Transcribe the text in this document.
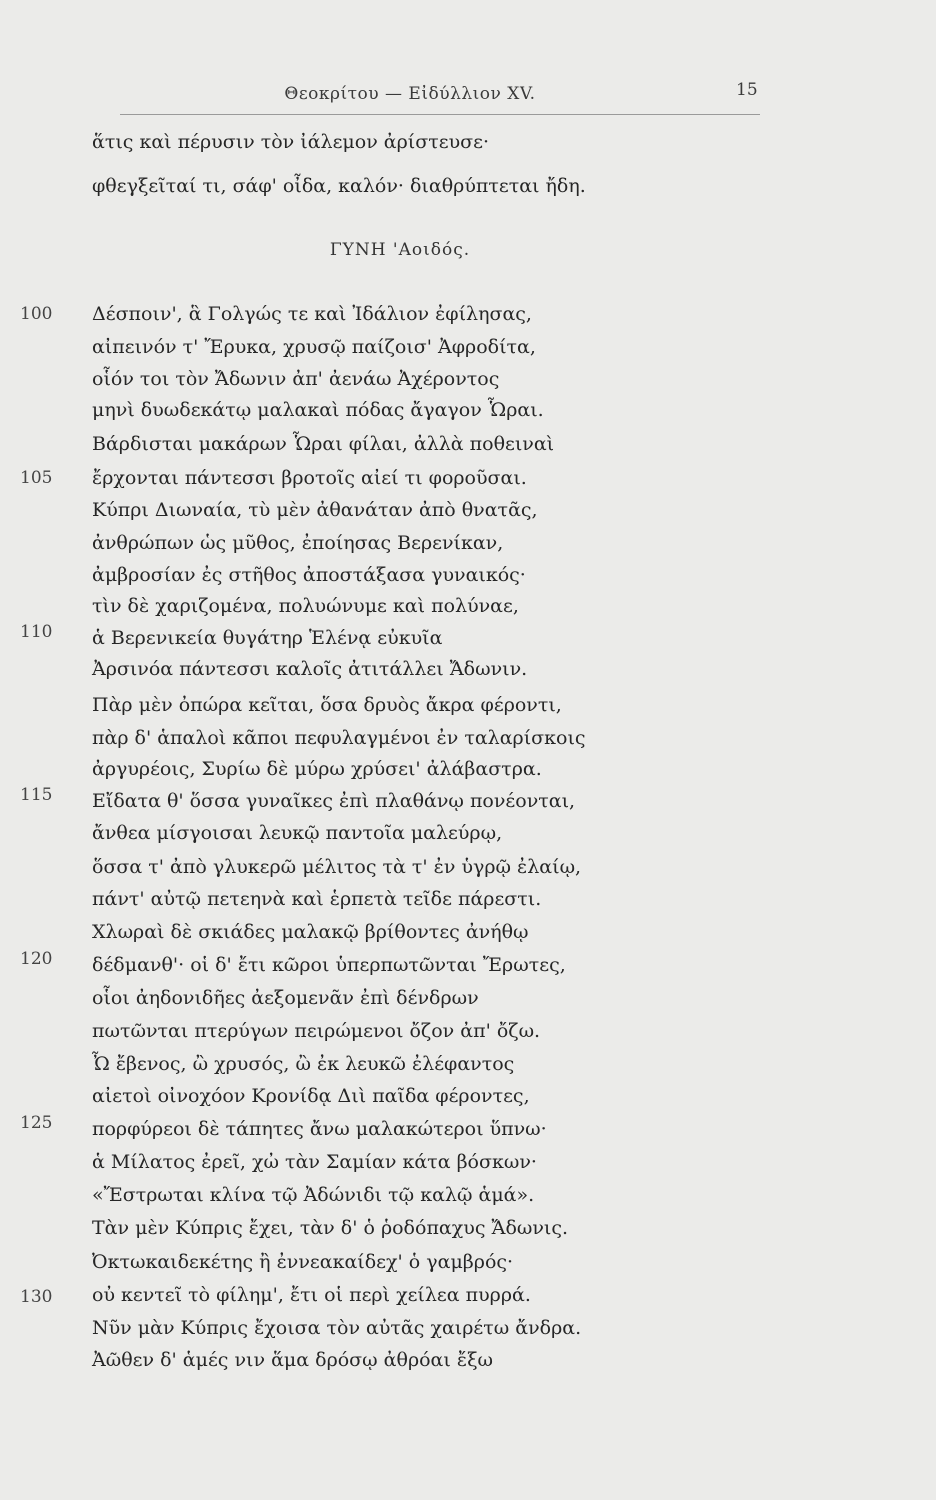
Θεοκρίτου — Εἰδύλλιον XV.	15
ἅτις καὶ πέρυσιν τὸν ἰάλεμον ἀρίστευσε·
φθεγξεῖταί τι, σάφ' οἶδα, καλόν· διαθρύπτεται ἤδη.
ΓΥΝΗ 'Αοιδός.
100
105
110
115
120
125
130
Δέσποιν', ἃ Γολγώς τε καὶ Ἰδάλιον ἐφίλησας,
αἰπεινόν τ' Ἔρυκα, χρυσῷ παίζοισ' Ἀφροδίτα,
οἷόν τοι τὸν Ἄδωνιν ἀπ' ἀενάω Ἀχέροντος
μηνὶ δυωδεκάτῳ μαλακαὶ πόδας ἄγαγον Ὧραι.
Βάρδισται μακάρων Ὧραι φίλαι, ἀλλὰ ποθειναὶ
ἔρχονται πάντεσσι βροτοῖς αἰεί τι φοροῦσαι.
Κύπρι Διωναία, τὺ μὲν ἀθανάταν ἀπὸ θνατᾶς,
ἀνθρώπων ὡς μῦθος, ἐποίησας Βερενίκαν,
ἀμβροσίαν ἐς στῆθος ἀποστάξασα γυναικός·
τὶν δὲ χαριζομένα, πολυώνυμε καὶ πολύναε,
ἁ Βερενικεία θυγάτηρ Ἑλένᾳ εὐκυῖα
Ἀρσινόα πάντεσσι καλοῖς ἀτιτάλλει Ἄδωνιν.
Πὰρ μὲν ὀπώρα κεῖται, ὅσα δρυὸς ἄκρα φέροντι,
πὰρ δ' ἁπαλοὶ κᾶποι πεφυλαγμένοι ἐν ταλαρίσκοις
ἀργυρέοις, Συρίω δὲ μύρω χρύσει' ἀλάβαστρα.
Εἴδατα θ' ὅσσα γυναῖκες ἐπὶ πλαθάνῳ πονέονται,
ἄνθεα μίσγοισαι λευκῷ παντοῖα μαλεύρῳ,
ὅσσα τ' ἀπὸ γλυκερῶ μέλιτος τὰ τ' ἐν ὑγρῷ ἐλαίῳ,
πάντ' αὐτῷ πετεηνὰ καὶ ἑρπετὰ τεῖδε πάρεστι.
Χλωραὶ δὲ σκιάδες μαλακῷ βρίθοντες ἀνήθῳ
δέδμανθ'· οἱ δ' ἔτι κῶροι ὑπερπωτῶνται Ἔρωτες,
οἷοι ἀηδονιδῆες ἀεξομενᾶν ἐπὶ δένδρων
πωτῶνται πτερύγων πειρώμενοι ὄζον ἀπ' ὄζω.
Ὦ ἔβενος, ὢ χρυσός, ὢ ἐκ λευκῶ ἐλέφαντος
αἰετοὶ οἰνοχόον Κρονίδᾳ Διὶ παῖδα φέροντες,
πορφύρεοι δὲ τάπητες ἄνω μαλακώτεροι ὕπνω·
ἁ Μίλατος ἐρεῖ, χὠ τὰν Σαμίαν κάτα βόσκων·
«Ἔστρωται κλίνα τῷ Ἀδώνιδι τῷ καλῷ ἁμά».
Τὰν μὲν Κύπρις ἔχει, τὰν δ' ὁ ῥοδόπαχυς Ἄδωνις.
Ὀκτωκαιδεκέτης ἢ ἐννεακαίδεχ' ὁ γαμβρός·
οὐ κεντεῖ τὸ φίλημ', ἔτι οἱ περὶ χείλεα πυρρά.
Νῦν μὰν Κύπρις ἔχοισα τὸν αὐτᾶς χαιρέτω ἄνδρα.
Ἀῶθεν δ' ἁμές νιν ἅμα δρόσῳ ἀθρόαι ἔξω
